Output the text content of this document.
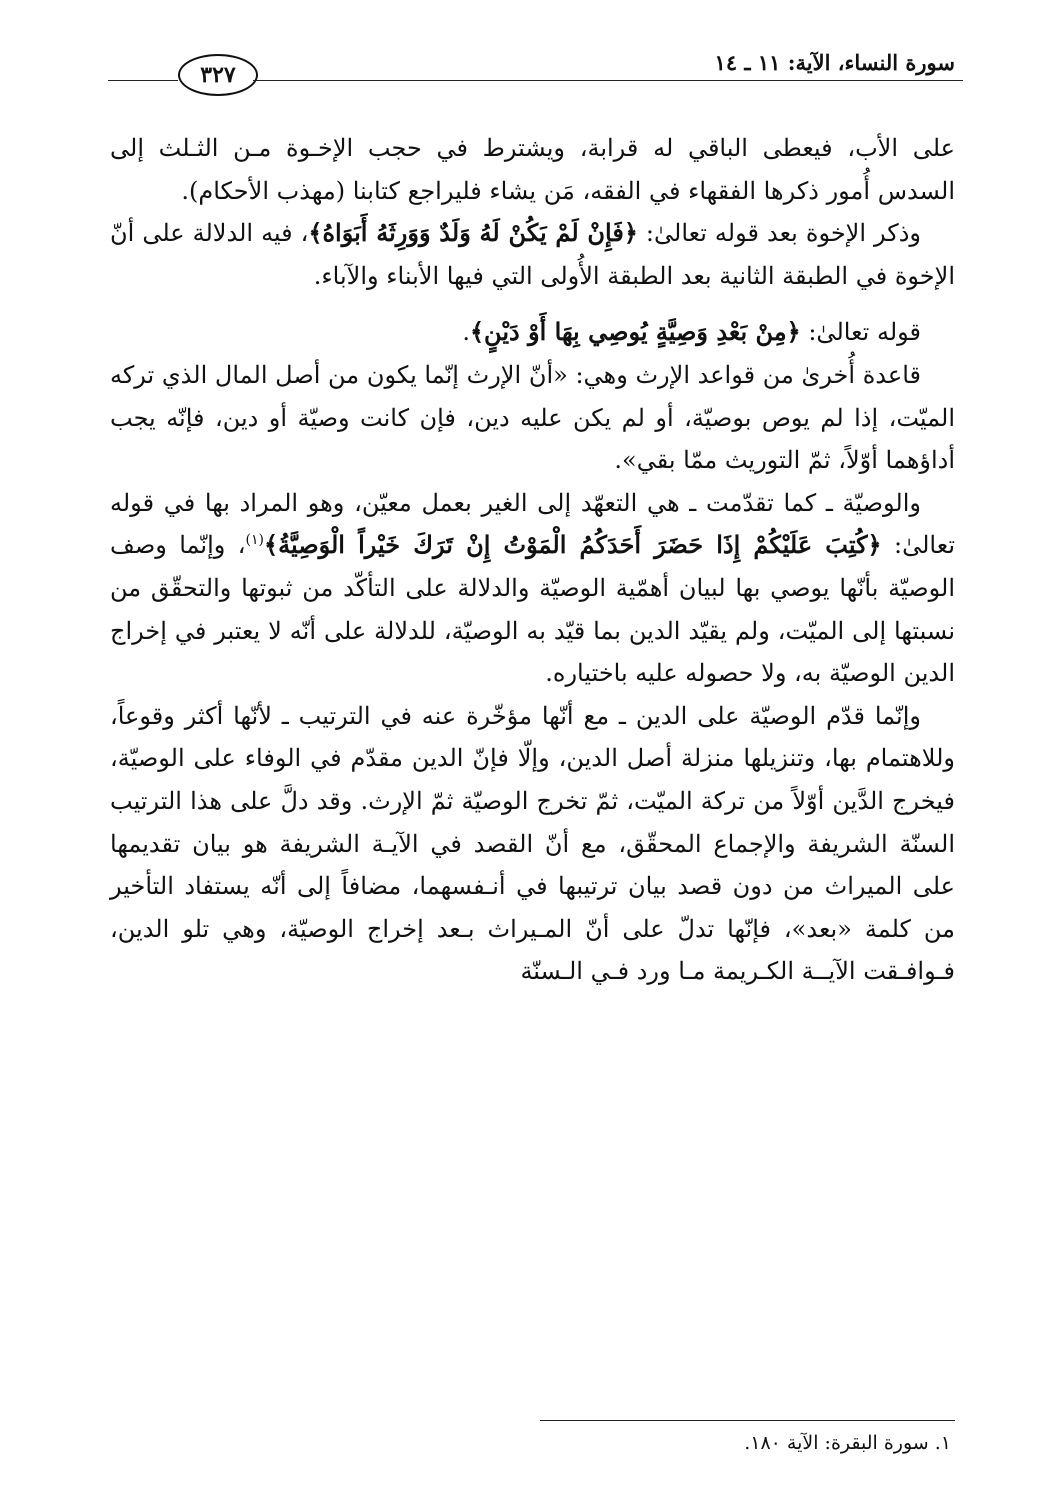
٣٢٧	سورة النساء، الآية: ١١ ـ ١٤

على الأب، فيعطى الباقي له قرابة، ويشترط في حجب الإخـوة مـن الثـلث إلى السدس أُمور ذكرها الفقهاء في الفقه، مَن يشاء فليراجع كتابنا (مهذب الأحكام).

وذكر الإخوة بعد قوله تعالىٰ: ﴿فَإِنْ لَمْ يَكُنْ لَهُ وَلَدٌ وَوَرِثَهُ أَبَوَاهُ﴾، فيه الدلالة على أنّ الإخوة في الطبقة الثانية بعد الطبقة الأُولى التي فيها الأبناء والآباء.

قوله تعالىٰ: ﴿مِنْ بَعْدِ وَصِيَّةٍ يُوصِي بِهَا أَوْ دَيْنٍ﴾.

قاعدة أُخرىٰ من قواعد الإرث وهي: «أنّ الإرث إنّما يكون من أصل المال الذي تركه الميّت، إذا لم يوص بوصيّة، أو لم يكن عليه دين، فإن كانت وصيّة أو دين، فإنّه يجب أداؤهما أوّلاً، ثمّ التوريث ممّا بقي».

والوصيّة ـ كما تقدّمت ـ هي التعهّد إلى الغير بعمل معيّن، وهو المراد بها في قوله تعالىٰ: ﴿كُتِبَ عَلَيْكُمْ إِذَا حَضَرَ أَحَدَكُمُ الْمَوْتُ إِنْ تَرَكَ خَيْراً الْوَصِيَّةُ﴾$^{(١)}$، وإنّما وصف الوصيّة بأنّها يوصي بها لبيان أهمّية الوصيّة والدلالة على التأكّد من ثبوتها والتحقّق من نسبتها إلى الميّت، ولم يقيّد الدين بما قيّد به الوصيّة، للدلالة على أنّه لا يعتبر في إخراج الدين الوصيّة به، ولا حصوله عليه باختياره.

وإنّما قدّم الوصيّة على الدين ـ مع أنّها مؤخّرة عنه في الترتيب ـ لأنّها أكثر وقوعاً، وللاهتمام بها، وتنزيلها منزلة أصل الدين، وإلّا فإنّ الدين مقدّم في الوفاء على الوصيّة، فيخرج الدَّين أوّلاً من تركة الميّت، ثمّ تخرج الوصيّة ثمّ الإرث. وقد دلَّ على هذا الترتيب السنّة الشريفة والإجماع المحقّق، مع أنّ القصد في الآيـة الشريفة هو بيان تقديمها على الميراث من دون قصد بيان ترتيبها في أنـفسهما، مضافاً إلى أنّه يستفاد التأخير من كلمة «بعد»، فإنّها تدلّ على أنّ المـيراث بـعد إخراج الوصيّة، وهي تلو الدين، فـوافـقت الآيــة الكـريمة مـا ورد فـي الـسنّة

١. سورة البقرة: الآية ١٨٠.
